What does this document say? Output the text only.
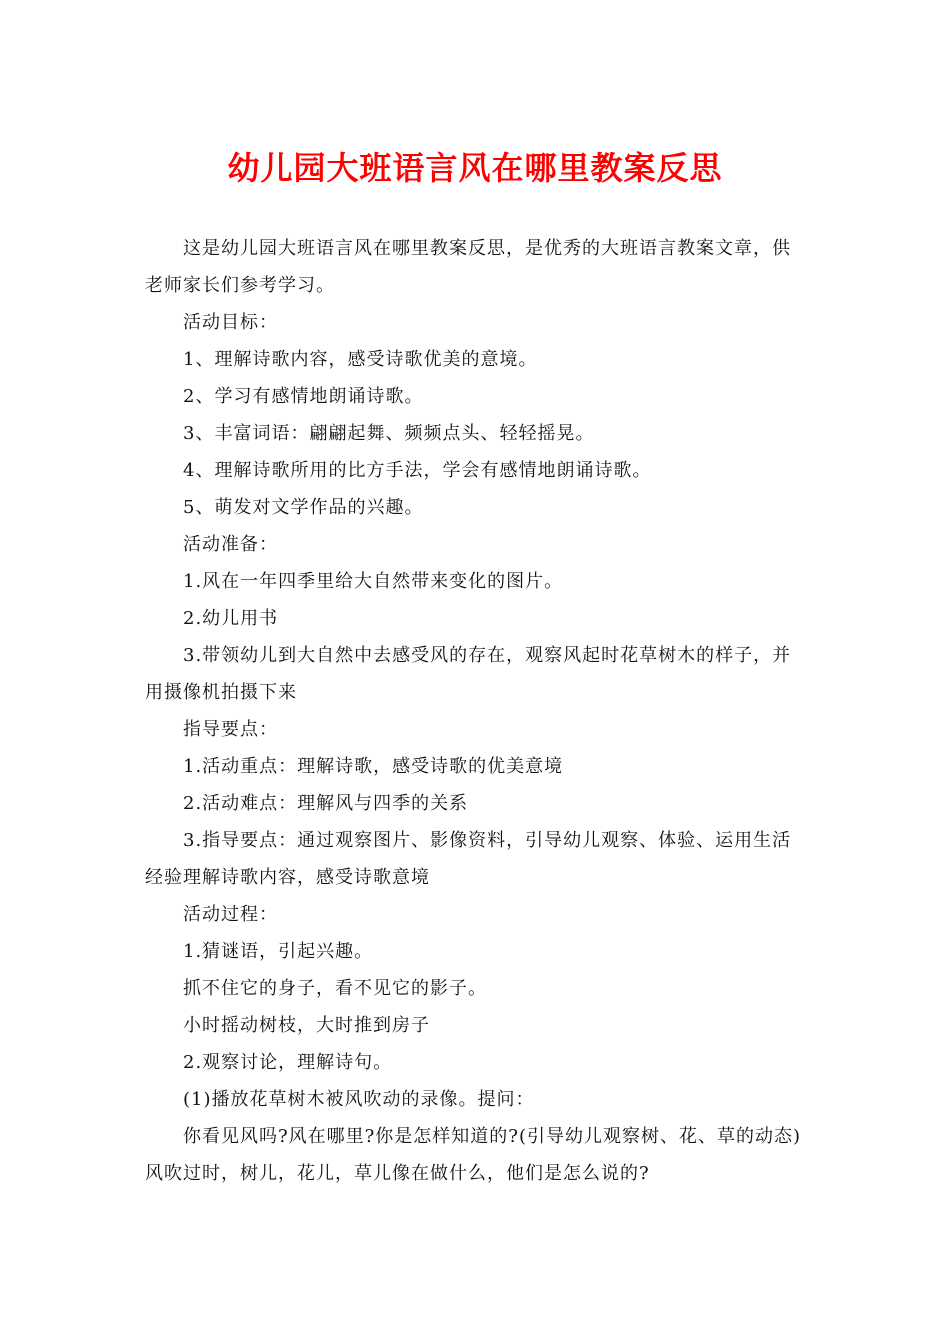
幼儿园大班语言风在哪里教案反思

这是幼儿园大班语言风在哪里教案反思，是优秀的大班语言教案文章，供老师家长们参考学习。

活动目标：

1、理解诗歌内容，感受诗歌优美的意境。

2、学习有感情地朗诵诗歌。

3、丰富词语：翩翩起舞、频频点头、轻轻摇晃。

4、理解诗歌所用的比方手法，学会有感情地朗诵诗歌。

5、萌发对文学作品的兴趣。

活动准备：

1.风在一年四季里给大自然带来变化的图片。

2.幼儿用书

3.带领幼儿到大自然中去感受风的存在，观察风起时花草树木的样子，并用摄像机拍摄下来

指导要点：

1.活动重点：理解诗歌，感受诗歌的优美意境

2.活动难点：理解风与四季的关系

3.指导要点：通过观察图片、影像资料，引导幼儿观察、体验、运用生活经验理解诗歌内容，感受诗歌意境

活动过程：

1.猜谜语，引起兴趣。

抓不住它的身子，看不见它的影子。

小时摇动树枝，大时推到房子

2.观察讨论，理解诗句。

(1)播放花草树木被风吹动的录像。提问：

你看见风吗?风在哪里?你是怎样知道的?(引导幼儿观察树、花、草的动态)风吹过时，树儿，花儿，草儿像在做什么，他们是怎么说的?
